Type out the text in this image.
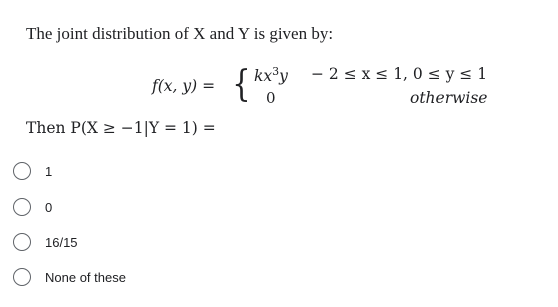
The joint distribution of X and Y is given by:
f(x, y) = { $kx^3y$
0
− 2 ≤ x ≤ 1, 0 ≤ y ≤ 1
otherwise
Then P(X ≥ −1|Y = 1) =
1
0
16/15
None of these
